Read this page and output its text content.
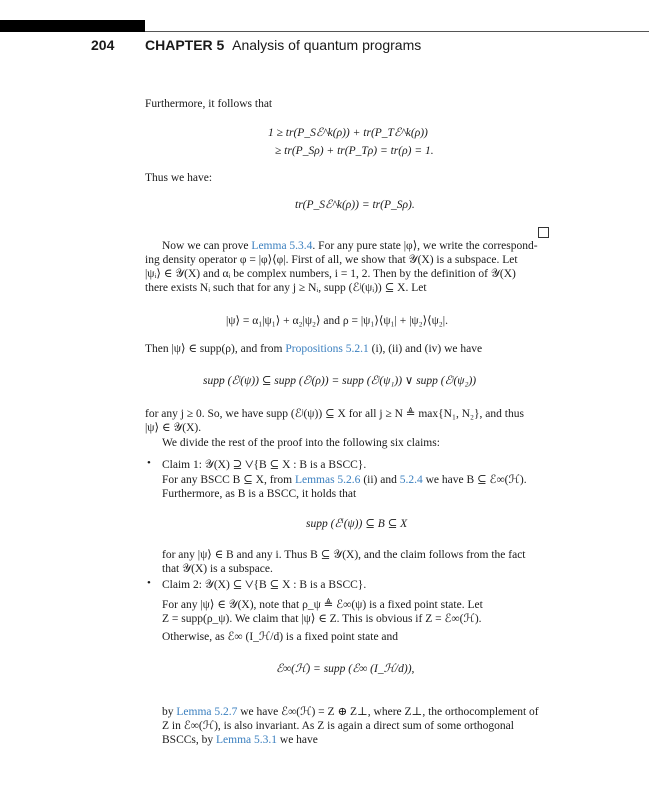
204 CHAPTER 5 Analysis of quantum programs
Furthermore, it follows that
1 ≥ tr(P_Sℰ^k(ρ)) + tr(P_Tℰ^k(ρ))
≥ tr(P_Sρ) + tr(P_Tρ) = tr(ρ) = 1.
Thus we have:
tr(P_Sℰ^k(ρ)) = tr(P_Sρ).
Now we can prove Lemma 5.3.4. For any pure state |φ⟩, we write the correspond-
ing density operator φ = |φ⟩⟨φ|. First of all, we show that 𝒴(X) is a subspace. Let
|ψᵢ⟩ ∈ 𝒴(X) and αᵢ be complex numbers, i = 1, 2. Then by the definition of 𝒴(X)
there exists Nᵢ such that for any j ≥ Nᵢ, supp (ℰʲ(ψᵢ)) ⊆ X. Let
|ψ⟩ = α₁|ψ₁⟩ + α₂|ψ₂⟩ and ρ = |ψ₁⟩⟨ψ₁| + |ψ₂⟩⟨ψ₂|.
Then |ψ⟩ ∈ supp(ρ), and from Propositions 5.2.1 (i), (ii) and (iv) we have
supp (ℰʲ(ψ)) ⊆ supp (ℰʲ(ρ)) = supp (ℰʲ(ψ₁)) ∨ supp (ℰʲ(ψ₂))
for any j ≥ 0. So, we have supp (ℰʲ(ψ)) ⊆ X for all j ≥ N ≜ max{N₁, N₂}, and thus
|ψ⟩ ∈ 𝒴(X).
We divide the rest of the proof into the following six claims:
• Claim 1: 𝒴(X) ⊇ ⋁{B ⊆ X : B is a BSCC}.
For any BSCC B ⊆ X, from Lemmas 5.2.6 (ii) and 5.2.4 we have B ⊆ ℰ∞(ℋ).
Furthermore, as B is a BSCC, it holds that
supp (ℰⁱ(ψ)) ⊆ B ⊆ X
for any |ψ⟩ ∈ B and any i. Thus B ⊆ 𝒴(X), and the claim follows from the fact
that 𝒴(X) is a subspace.
• Claim 2: 𝒴(X) ⊆ ⋁{B ⊆ X : B is a BSCC}.
For any |ψ⟩ ∈ 𝒴(X), note that ρ_ψ ≜ ℰ∞(ψ) is a fixed point state. Let
Z = supp(ρ_ψ). We claim that |ψ⟩ ∈ Z. This is obvious if Z = ℰ∞(ℋ).
Otherwise, as ℰ∞ (I_ℋ/d) is a fixed point state and
ℰ∞(ℋ) = supp (ℰ∞ (I_ℋ/d)),
by Lemma 5.2.7 we have ℰ∞(ℋ) = Z ⊕ Z⊥, where Z⊥, the orthocomplement of
Z in ℰ∞(ℋ), is also invariant. As Z is again a direct sum of some orthogonal
BSCCs, by Lemma 5.3.1 we have
